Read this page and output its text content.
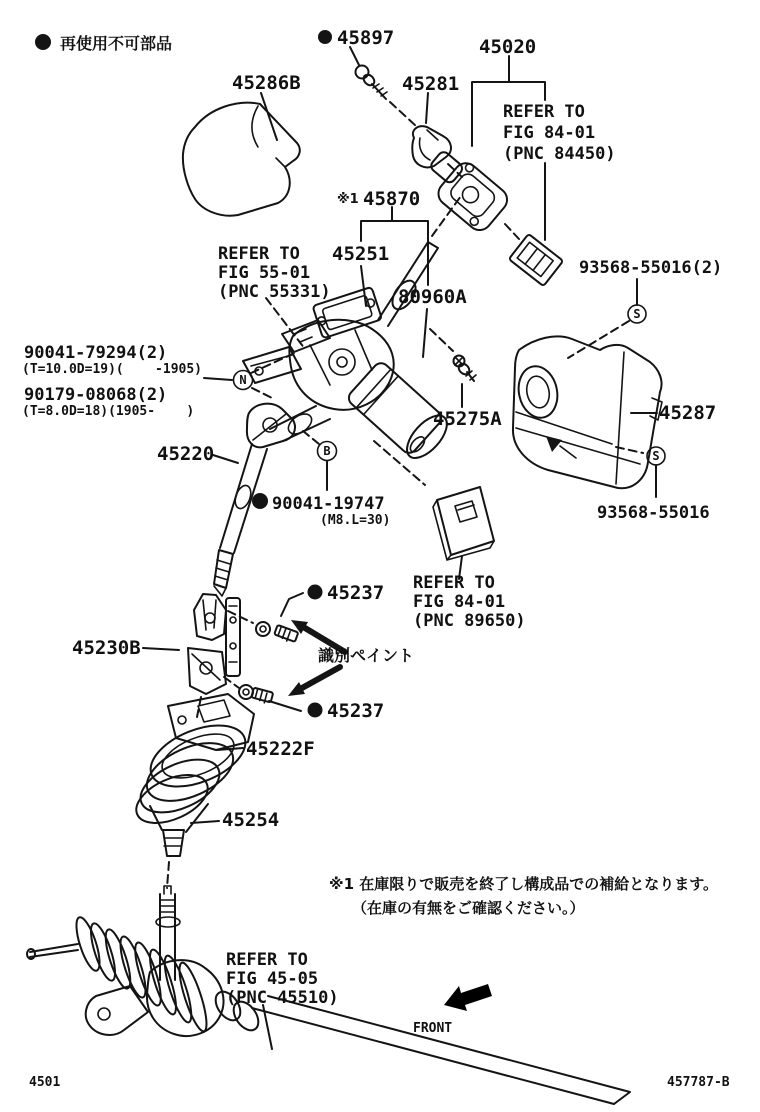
N
B
S
S
再使用不可部品	45897
45286B	45281
45020
REFER TO
FIG 84-01
(PNC 84450)
※1 45870
REFER TO
FIG 55-01
(PNC 55331)
45251
80960A
93568-55016(2)
90041-79294(2)
(T=10.0D=19)(    -1905)
90179-08068(2)
(T=8.0D=18)(1905-    )
45220
45275A	45287
90041-19747
(M8.L=30)	93568-55016
45237 REFER TO
FIG 84-01
(PNC 89650)
識別ペイント
45237
45230B
45222F
45254
※1 在庫限りで販売を終了し構成品での補給となります。
（在庫の有無をご確認ください。）
REFER TO
FIG 45-05
(PNC 45510)
FRONT
4501	457787-B
